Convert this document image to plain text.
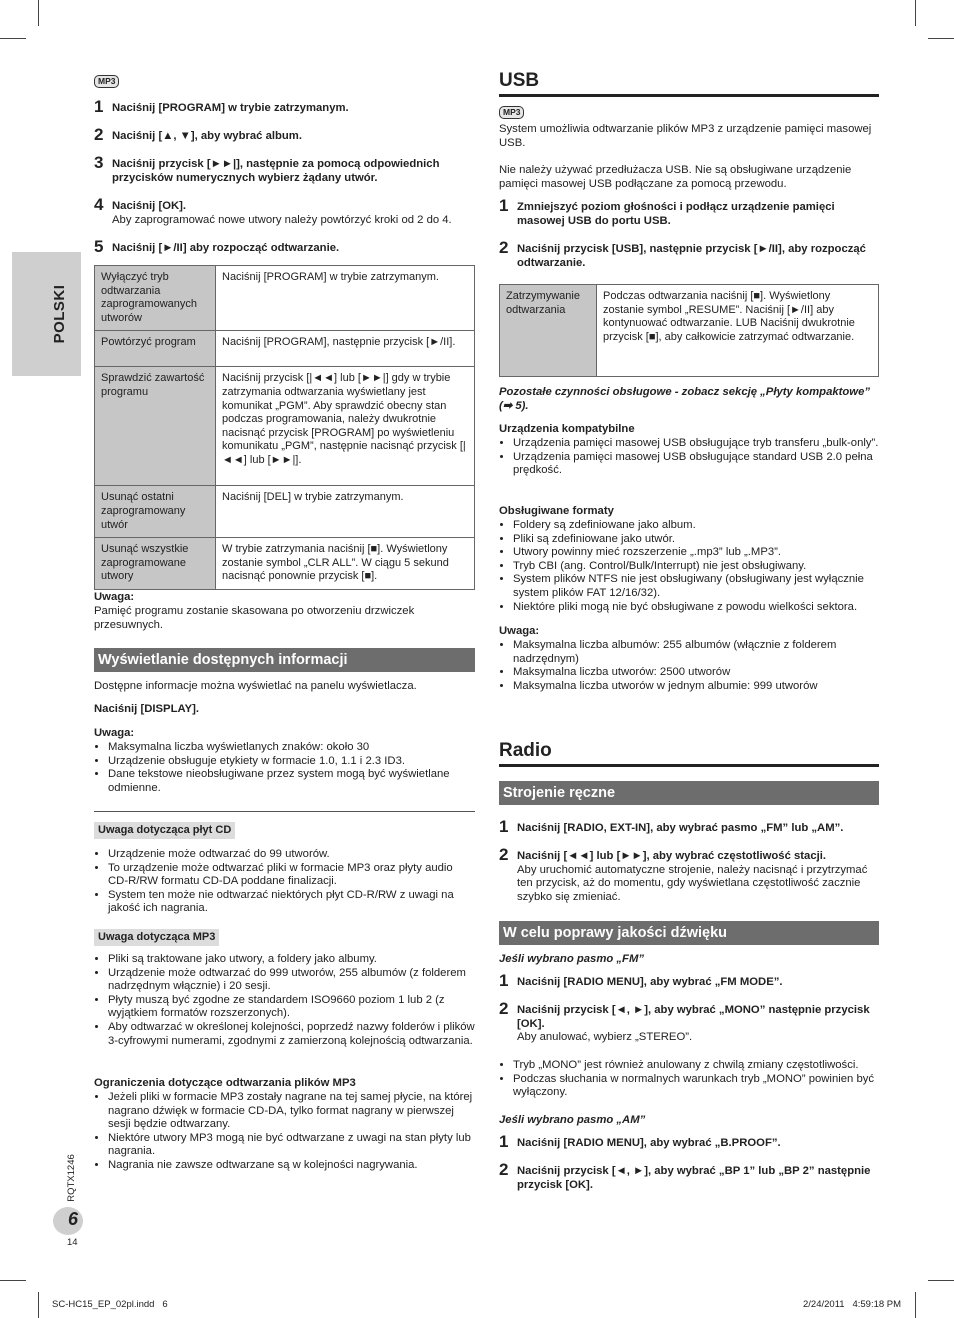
POLSKI
MP3
1 Naciśnij [PROGRAM] w trybie zatrzymanym.
2 Naciśnij [▲, ▼], aby wybrać album.
3 Naciśnij przycisk [►►|], następnie za pomocą odpowiednich przycisków numerycznych wybierz żądany utwór.
4 Naciśnij [OK].
Aby zaprogramować nowe utwory należy powtórzyć kroki od 2 do 4.
5 Naciśnij [►/II] aby rozpocząć odtwarzanie.
Wyłączyć tryb odtwarzania zaprogramowanych utworów	Naciśnij [PROGRAM] w trybie zatrzymanym.
Powtórzyć program	Naciśnij [PROGRAM], następnie przycisk [►/II].
Sprawdzić zawartość programu	Naciśnij przycisk [|◄◄] lub [►►|] gdy w trybie zatrzymania odtwarzania wyświetlany jest komunikat „PGM”. Aby sprawdzić obecny stan podczas programowania, należy dwukrotnie nacisnąć przycisk [PROGRAM] po wyświetleniu komunikatu „PGM”, następnie nacisnąć przycisk [|◄◄] lub [►►|].
Usunąć ostatni zaprogramowany utwór	Naciśnij [DEL] w trybie zatrzymanym.
Usunąć wszystkie zaprogramowane utwory	W trybie zatrzymania naciśnij [■]. Wyświetlony zostanie symbol „CLR ALL”. W ciągu 5 sekund nacisnąć ponownie przycisk [■].
Uwaga:
Pamięć programu zostanie skasowana po otworzeniu drzwiczek przesuwnych.
Wyświetlanie dostępnych informacji
Dostępne informacje można wyświetlać na panelu wyświetlacza.
Naciśnij [DISPLAY].
Uwaga:
• Maksymalna liczba wyświetlanych znaków: około 30
• Urządzenie obsługuje etykiety w formacie 1.0, 1.1 i 2.3 ID3.
• Dane tekstowe nieobsługiwane przez system mogą być wyświetlane odmienne.
Uwaga dotycząca płyt CD
• Urządzenie może odtwarzać do 99 utworów.
• To urządzenie może odtwarzać pliki w formacie MP3 oraz płyty audio CD-R/RW formatu CD-DA poddane finalizacji.
• System ten może nie odtwarzać niektórych płyt CD-R/RW z uwagi na jakość ich nagrania.
Uwaga dotycząca MP3
• Pliki są traktowane jako utwory, a foldery jako albumy.
• Urządzenie może odtwarzać do 999 utworów, 255 albumów (z folderem nadrzędnym włącznie) i 20 sesji.
• Płyty muszą być zgodne ze standardem ISO9660 poziom 1 lub 2 (z wyjątkiem formatów rozszerzonych).
• Aby odtwarzać w określonej kolejności, poprzedź nazwy folderów i plików 3-cyfrowymi numerami, zgodnymi z zamierzoną kolejnością odtwarzania.
Ograniczenia dotyczące odtwarzania plików MP3
• Jeżeli pliki w formacie MP3 zostały nagrane na tej samej płycie, na której nagrano dźwięk w formacie CD-DA, tylko format nagrany w pierwszej sesji będzie odtwarzany.
• Niektóre utwory MP3 mogą nie być odtwarzane z uwagi na stan płyty lub nagrania.
• Nagrania nie zawsze odtwarzane są w kolejności nagrywania.
USB
MP3
System umożliwia odtwarzanie plików MP3 z urządzenie pamięci masowej USB.
Nie należy używać przedłużacza USB. Nie są obsługiwane urządzenie pamięci masowej USB podłączane za pomocą przewodu.
1 Zmniejszyć poziom głośności i podłącz urządzenie pamięci masowej USB do portu USB.
2 Naciśnij przycisk [USB], następnie przycisk [►/II], aby rozpocząć odtwarzanie.
Zatrzymywanie odtwarzania	Podczas odtwarzania naciśnij [■]. Wyświetlony zostanie symbol „RESUME”. Naciśnij [►/II] aby kontynuować odtwarzanie. LUB Naciśnij dwukrotnie przycisk [■], aby całkowicie zatrzymać odtwarzanie.
Pozostałe czynności obsługowe - zobacz sekcję „Płyty kompaktowe” (➡ 5).
Urządzenia kompatybilne
• Urządzenia pamięci masowej USB obsługujące tryb transferu „bulk-only”.
• Urządzenia pamięci masowej USB obsługujące standard USB 2.0 pełna prędkość.
Obsługiwane formaty
• Foldery są zdefiniowane jako album.
• Pliki są zdefiniowane jako utwór.
• Utwory powinny mieć rozszerzenie „.mp3” lub „.MP3”.
• Tryb CBI (ang. Control/Bulk/Interrupt) nie jest obsługiwany.
• System plików NTFS nie jest obsługiwany (obsługiwany jest wyłącznie system plików FAT 12/16/32).
• Niektóre pliki mogą nie być obsługiwane z powodu wielkości sektora.
Uwaga:
• Maksymalna liczba albumów: 255 albumów (włącznie z folderem nadrzędnym)
• Maksymalna liczba utworów: 2500 utworów
• Maksymalna liczba utworów w jednym albumie: 999 utworów
Radio
Strojenie ręczne
1 Naciśnij [RADIO, EXT-IN], aby wybrać pasmo „FM” lub „AM”.
2 Naciśnij [◄◄] lub [►►], aby wybrać częstotliwość stacji.
Aby uruchomić automatyczne strojenie, należy nacisnąć i przytrzymać ten przycisk, aż do momentu, gdy wyświetlana częstotliwość zacznie szybko się zmieniać.
W celu poprawy jakości dźwięku
Jeśli wybrano pasmo „FM”
1 Naciśnij [RADIO MENU], aby wybrać „FM MODE”.
2 Naciśnij przycisk [◄, ►], aby wybrać „MONO” następnie przycisk [OK].
Aby anulować, wybierz „STEREO”.
• Tryb „MONO” jest również anulowany z chwilą zmiany częstotliwości.
• Podczas słuchania w normalnych warunkach tryb „MONO” powinien być wyłączony.
Jeśli wybrano pasmo „AM”
1 Naciśnij [RADIO MENU], aby wybrać „B.PROOF”.
2 Naciśnij przycisk [◄, ►], aby wybrać „BP 1” lub „BP 2” następnie przycisk [OK].
RQTX1246
6
14
SC-HC15_EP_02pl.indd   6	2/24/2011   4:59:18 PM
